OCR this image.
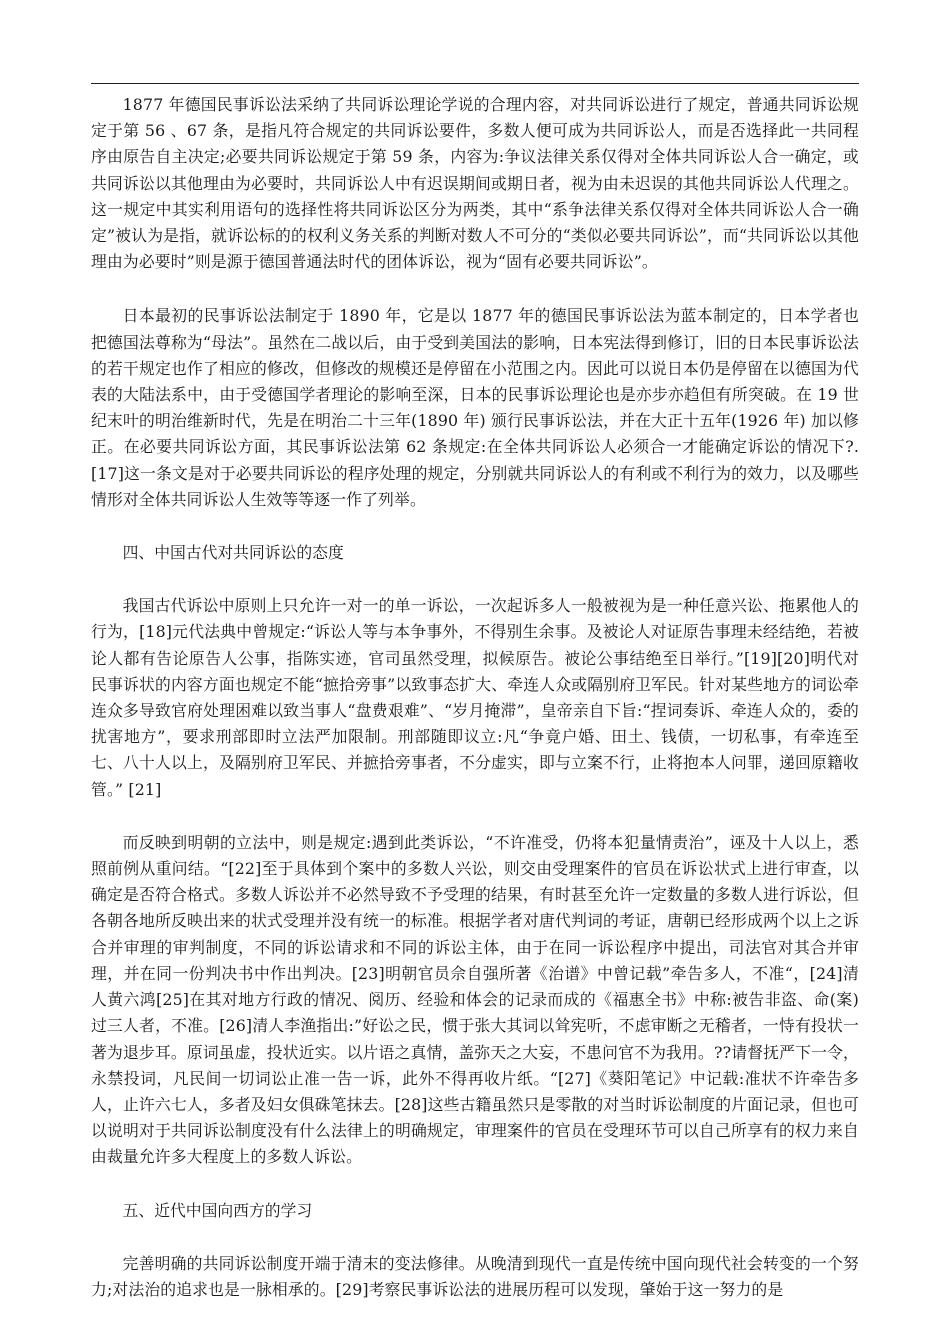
1877 年德国民事诉讼法采纳了共同诉讼理论学说的合理内容，对共同诉讼进行了规定，普通共同诉讼规定于第 56 、67 条，是指凡符合规定的共同诉讼要件，多数人便可成为共同诉讼人，而是否选择此一共同程序由原告自主决定;必要共同诉讼规定于第 59 条，内容为:争议法律关系仅得对全体共同诉讼人合一确定，或共同诉讼以其他理由为必要时，共同诉讼人中有迟误期间或期日者，视为由未迟误的其他共同诉讼人代理之。这一规定中其实利用语句的选择性将共同诉讼区分为两类，其中“系争法律关系仅得对全体共同诉讼人合一确定”被认为是指，就诉讼标的的权利义务关系的判断对数人不可分的“类似必要共同诉讼”，而“共同诉讼以其他理由为必要时”则是源于德国普通法时代的团体诉讼，视为“固有必要共同诉讼”。

日本最初的民事诉讼法制定于 1890 年，它是以 1877 年的德国民事诉讼法为蓝本制定的，日本学者也把德国法尊称为“母法”。虽然在二战以后，由于受到美国法的影响，日本宪法得到修订，旧的日本民事诉讼法的若干规定也作了相应的修改，但修改的规模还是停留在小范围之内。因此可以说日本仍是停留在以德国为代表的大陆法系中，由于受德国学者理论的影响至深，日本的民事诉讼理论也是亦步亦趋但有所突破。在 19 世纪末叶的明治维新时代，先是在明治二十三年(1890 年) 颁行民事诉讼法，并在大正十五年(1926 年) 加以修正。在必要共同诉讼方面，其民事诉讼法第 62 条规定:在全体共同诉讼人必须合一才能确定诉讼的情况下?.[17]这一条文是对于必要共同诉讼的程序处理的规定，分别就共同诉讼人的有利或不利行为的效力，以及哪些情形对全体共同诉讼人生效等等逐一作了列举。

四、中国古代对共同诉讼的态度

我国古代诉讼中原则上只允许一对一的单一诉讼，一次起诉多人一般被视为是一种任意兴讼、拖累他人的行为，[18]元代法典中曾规定:“诉讼人等与本争事外，不得别生余事。及被论人对证原告事理未经结绝，若被论人都有告论原告人公事，指陈实迹，官司虽然受理，拟候原告。被论公事结绝至日举行。”[19][20]明代对民事诉状的内容方面也规定不能“摭拾旁事”以致事态扩大、牵连人众或隔别府卫军民。针对某些地方的词讼牵连众多导致官府处理困难以致当事人“盘费艰难”、“岁月掩滞”，皇帝亲自下旨:“捏词奏诉、牵连人众的，委的扰害地方”，要求刑部即时立法严加限制。刑部随即议立:凡“争竟户婚、田土、钱债，一切私事，有牵连至七、八十人以上，及隔别府卫军民、并摭拾旁事者，不分虚实，即与立案不行，止将抱本人问罪，递回原籍收管。” [21]

而反映到明朝的立法中，则是规定:遇到此类诉讼，“不许准受，仍将本犯量情责治”，诬及十人以上，悉照前例从重问结。“[22]至于具体到个案中的多数人兴讼，则交由受理案件的官员在诉讼状式上进行审查，以确定是否符合格式。多数人诉讼并不必然导致不予受理的结果，有时甚至允许一定数量的多数人进行诉讼，但各朝各地所反映出来的状式受理并没有统一的标准。根据学者对唐代判词的考证，唐朝已经形成两个以上之诉合并审理的审判制度，不同的诉讼请求和不同的诉讼主体，由于在同一诉讼程序中提出，司法官对其合并审理，并在同一份判决书中作出判决。[23]明朝官员佘自强所著《治谱》中曾记载”牵告多人，不准“，[24]清人黄六鸿[25]在其对地方行政的情况、阅历、经验和体会的记录而成的《福惠全书》中称:被告非盗、命(案) 过三人者，不准。[26]清人李渔指出:”好讼之民，惯于张大其词以耸宪听，不虑审断之无稽者，一恃有投状一著为退步耳。原词虽虚，投状近实。以片语之真情，盖弥天之大妄，不患问官不为我用。??请督抚严下一令，永禁投词，凡民间一切词讼止准一告一诉，此外不得再收片纸。“[27]《葵阳笔记》中记载:准状不许牵告多人，止许六七人，多者及妇女俱硃笔抹去。[28]这些古籍虽然只是零散的对当时诉讼制度的片面记录，但也可以说明对于共同诉讼制度没有什么法律上的明确规定，审理案件的官员在受理环节可以自己所享有的权力来自由裁量允许多大程度上的多数人诉讼。

五、近代中国向西方的学习

完善明确的共同诉讼制度开端于清末的变法修律。从晚清到现代一直是传统中国向现代社会转变的一个努力;对法治的追求也是一脉相承的。[29]考察民事诉讼法的进展历程可以发现，肇始于这一努力的是
